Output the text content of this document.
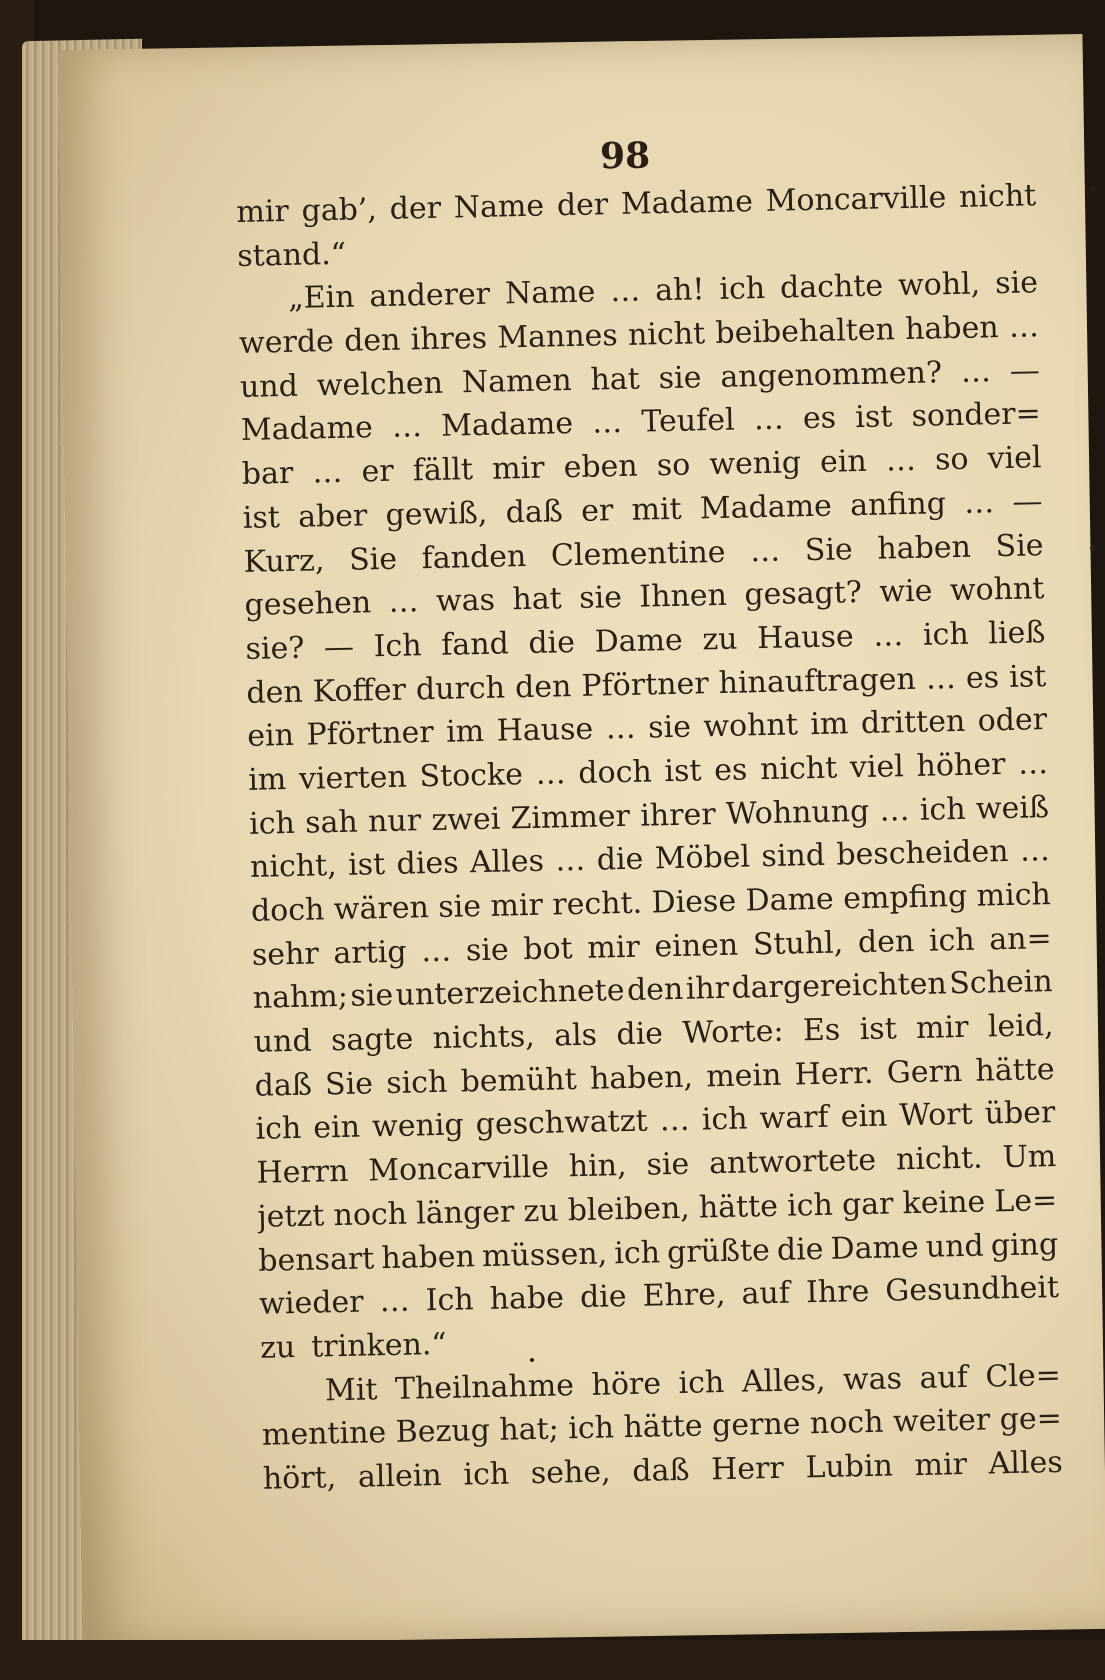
98
mir gab’, der Name der Madame Moncarville nicht
stand.“
„Ein anderer Name … ah! ich dachte wohl, sie
werde den ihres Mannes nicht beibehalten haben …
und welchen Namen hat sie angenommen? … —
Madame … Madame … Teufel … es ist sonder=
bar … er fällt mir eben so wenig ein … so viel
ist aber gewiß, daß er mit Madame anfing … —
Kurz, Sie fanden Clementine … Sie haben Sie
gesehen … was hat sie Ihnen gesagt? wie wohnt
sie? — Ich fand die Dame zu Hause … ich ließ
den Koffer durch den Pförtner hinauftragen … es ist
ein Pförtner im Hause … sie wohnt im dritten oder
im vierten Stocke … doch ist es nicht viel höher …
ich sah nur zwei Zimmer ihrer Wohnung … ich weiß
nicht, ist dies Alles … die Möbel sind bescheiden …
doch wären sie mir recht. Diese Dame empfing mich
sehr artig … sie bot mir einen Stuhl, den ich an=
nahm; sie unterzeichnete den ihr dargereichten Schein
und sagte nichts, als die Worte: Es ist mir leid,
daß Sie sich bemüht haben, mein Herr. Gern hätte
ich ein wenig geschwatzt … ich warf ein Wort über
Herrn Moncarville hin, sie antwortete nicht. Um
jetzt noch länger zu bleiben, hätte ich gar keine Le=
bensart haben müssen, ich grüßte die Dame und ging
wieder … Ich habe die Ehre, auf Ihre Gesundheit
zu trinken.“
Mit Theilnahme höre ich Alles, was auf Cle=
mentine Bezug hat; ich hätte gerne noch weiter ge=
hört, allein ich sehe, daß Herr Lubin mir Alles
